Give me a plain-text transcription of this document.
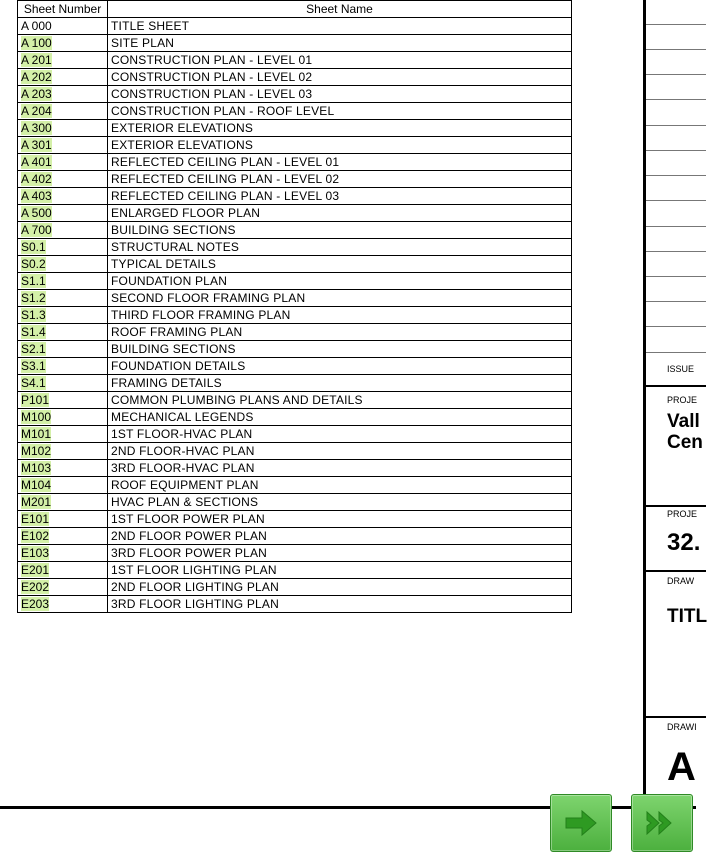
Sheet Number	Sheet Name
A 000	TITLE SHEET
A 100	SITE PLAN
A 201	CONSTRUCTION PLAN - LEVEL 01
A 202	CONSTRUCTION PLAN - LEVEL 02
A 203	CONSTRUCTION PLAN - LEVEL 03
A 204	CONSTRUCTION PLAN - ROOF LEVEL
A 300	EXTERIOR ELEVATIONS
A 301	EXTERIOR ELEVATIONS
A 401	REFLECTED CEILING PLAN - LEVEL 01
A 402	REFLECTED CEILING PLAN - LEVEL 02
A 403	REFLECTED CEILING PLAN - LEVEL 03
A 500	ENLARGED FLOOR PLAN
A 700	BUILDING SECTIONS
S0.1	STRUCTURAL NOTES
S0.2	TYPICAL DETAILS
S1.1	FOUNDATION PLAN
S1.2	SECOND FLOOR FRAMING PLAN
S1.3	THIRD FLOOR FRAMING PLAN
S1.4	ROOF FRAMING PLAN
S2.1	BUILDING SECTIONS
S3.1	FOUNDATION DETAILS
S4.1	FRAMING DETAILS
P101	COMMON PLUMBING PLANS AND DETAILS
M100	MECHANICAL LEGENDS
M101	1ST FLOOR-HVAC PLAN
M102	2ND FLOOR-HVAC PLAN
M103	3RD FLOOR-HVAC PLAN
M104	ROOF EQUIPMENT PLAN
M201	HVAC PLAN & SECTIONS
E101	1ST FLOOR POWER PLAN
E102	2ND FLOOR POWER PLAN
E103	3RD FLOOR POWER PLAN
E201	1ST FLOOR LIGHTING PLAN
E202	2ND FLOOR LIGHTING PLAN
E203	3RD FLOOR LIGHTING PLAN
ISSUE
PROJE
Vall
Cen
PROJE
32.
DRAW
TITL
DRAWI
A
